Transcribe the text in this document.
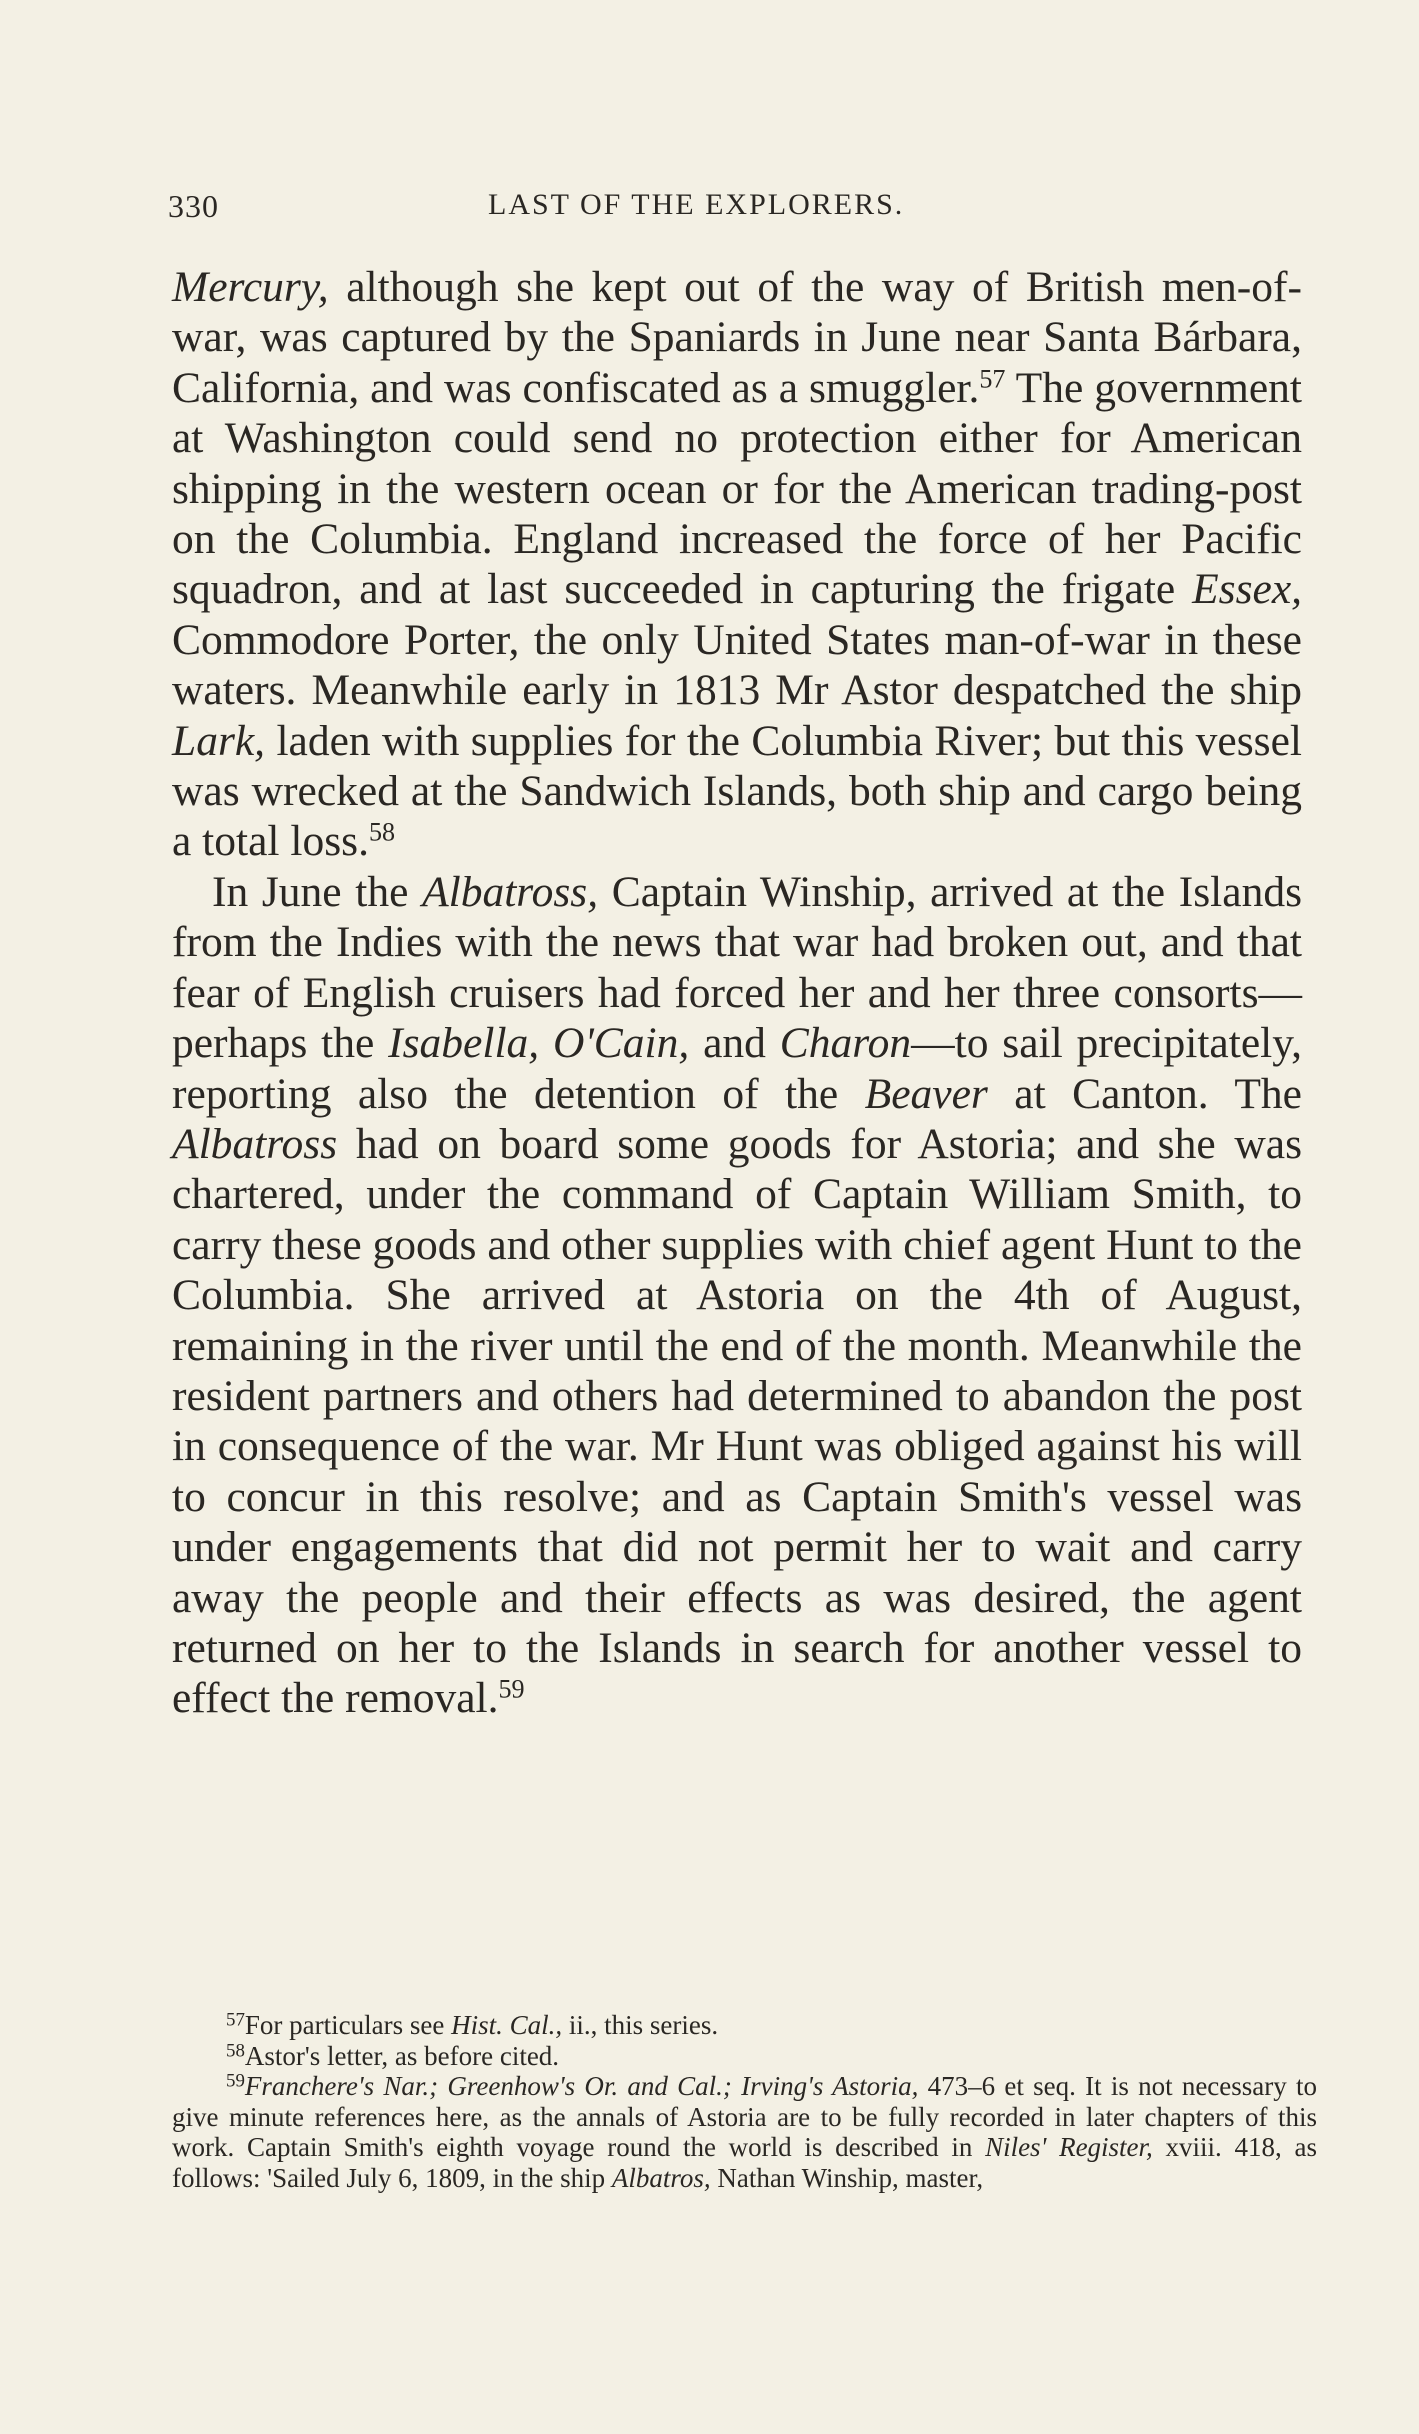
330	LAST OF THE EXPLORERS.

Mercury, although she kept out of the way of British men-of-war, was captured by the Spaniards in June near Santa Bárbara, California, and was confiscated as a smuggler.$^{57}$ The government at Washington could send no protection either for American shipping in the western ocean or for the American trading-post on the Columbia. England increased the force of her Pacific squadron, and at last succeeded in capturing the frigate Essex, Commodore Porter, the only United States man-of-war in these waters. Meanwhile early in 1813 Mr Astor despatched the ship Lark, laden with supplies for the Columbia River; but this vessel was wrecked at the Sandwich Islands, both ship and cargo being a total loss.$^{58}$

In June the Albatross, Captain Winship, arrived at the Islands from the Indies with the news that war had broken out, and that fear of English cruisers had forced her and her three consorts—perhaps the Isabella, O'Cain, and Charon—to sail precipitately, reporting also the detention of the Beaver at Canton. The Albatross had on board some goods for Astoria; and she was chartered, under the command of Captain William Smith, to carry these goods and other supplies with chief agent Hunt to the Columbia. She arrived at Astoria on the 4th of August, remaining in the river until the end of the month. Meanwhile the resident partners and others had determined to abandon the post in consequence of the war. Mr Hunt was obliged against his will to concur in this resolve; and as Captain Smith's vessel was under engagements that did not permit her to wait and carry away the people and their effects as was desired, the agent returned on her to the Islands in search for another vessel to effect the removal.$^{59}$

$^{57}$For particulars see Hist. Cal., ii., this series.

$^{58}$Astor's letter, as before cited.

$^{59}$Franchere's Nar.; Greenhow's Or. and Cal.; Irving's Astoria, 473–6 et seq. It is not necessary to give minute references here, as the annals of Astoria are to be fully recorded in later chapters of this work. Captain Smith's eighth voyage round the world is described in Niles' Register, xviii. 418, as follows: 'Sailed July 6, 1809, in the ship Albatros, Nathan Winship, master,
